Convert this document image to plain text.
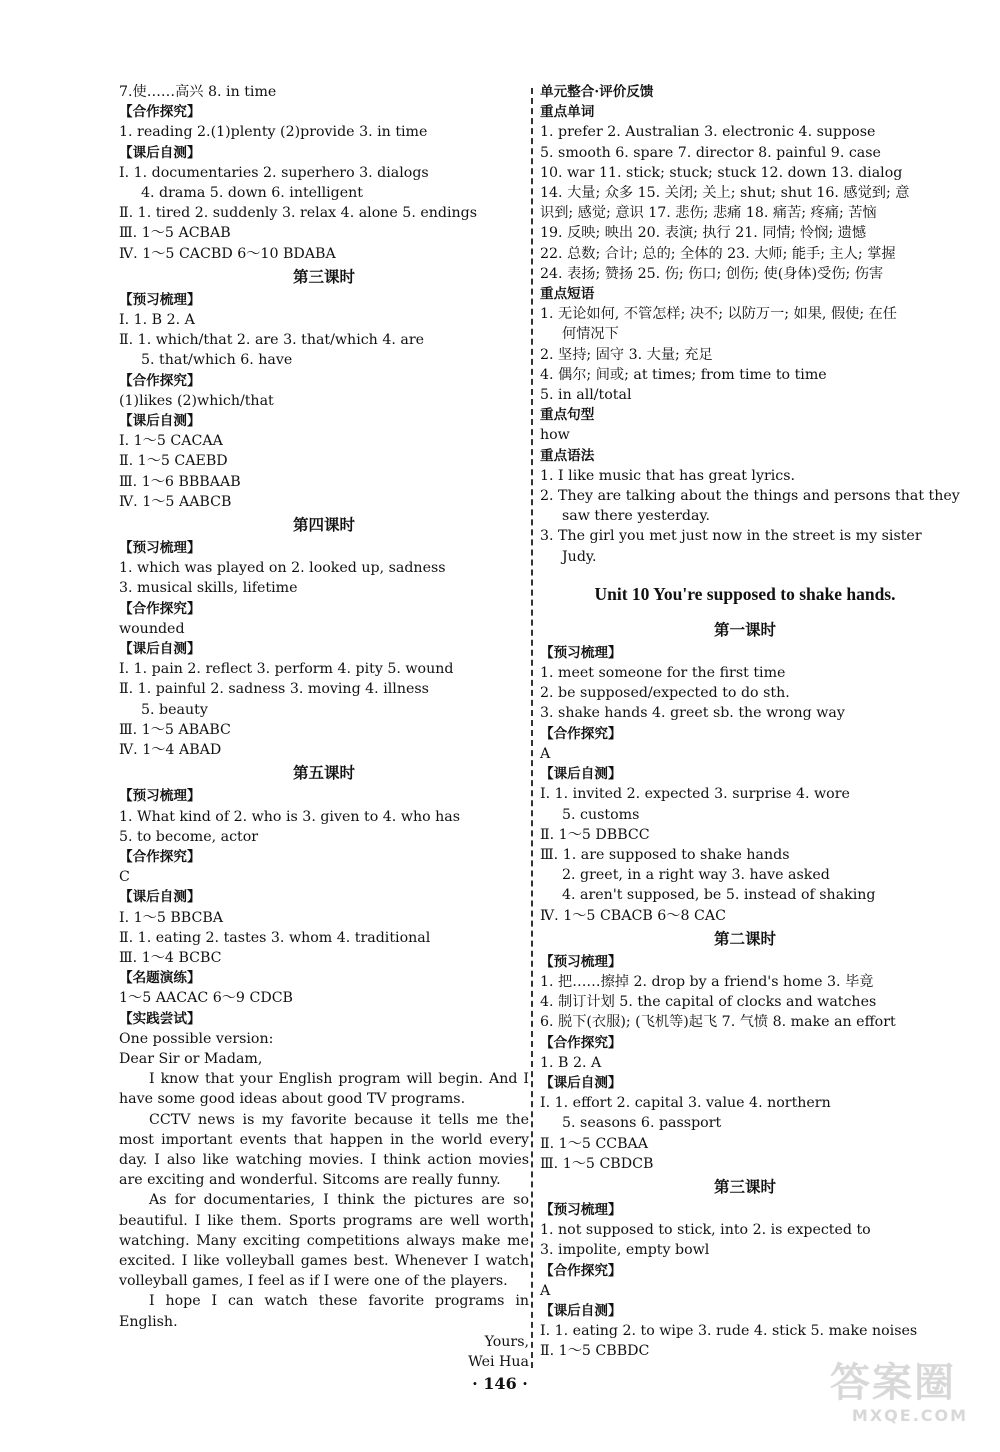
7.使……高兴 8. in time
【合作探究】
1. reading 2.(1)plenty (2)provide 3. in time
【课后自测】
Ⅰ. 1. documentaries 2. superhero 3. dialogs
4. drama 5. down 6. intelligent
Ⅱ. 1. tired 2. suddenly 3. relax 4. alone 5. endings
Ⅲ. 1～5 ACBAB
Ⅳ. 1～5 CACBD 6～10 BDABA
第三课时
【预习梳理】
Ⅰ. 1. B 2. A
Ⅱ. 1. which/that 2. are 3. that/which 4. are
5. that/which 6. have
【合作探究】
(1)likes (2)which/that
【课后自测】
Ⅰ. 1～5 CACAA
Ⅱ. 1～5 CAEBD
Ⅲ. 1～6 BBBAAB
Ⅳ. 1～5 AABCB
第四课时
【预习梳理】
1. which was played on 2. looked up, sadness
3. musical skills, lifetime
【合作探究】
wounded
【课后自测】
Ⅰ. 1. pain 2. reflect 3. perform 4. pity 5. wound
Ⅱ. 1. painful 2. sadness 3. moving 4. illness
5. beauty
Ⅲ. 1～5 ABABC
Ⅳ. 1～4 ABAD
第五课时
【预习梳理】
1. What kind of 2. who is 3. given to 4. who has
5. to become, actor
【合作探究】
C
【课后自测】
Ⅰ. 1～5 BBCBA
Ⅱ. 1. eating 2. tastes 3. whom 4. traditional
Ⅲ. 1～4 BCBC
【名题演练】
1～5 AACAC 6～9 CDCB
【实践尝试】
One possible version:
Dear Sir or Madam,
I know that your English program will begin. And I have some good ideas about good TV programs.
CCTV news is my favorite because it tells me the most important events that happen in the world every day. I also like watching movies. I think action movies are exciting and wonderful. Sitcoms are really funny.
As for documentaries, I think the pictures are so beautiful. I like them. Sports programs are well worth watching. Many exciting competitions always make me excited. I like volleyball games best. Whenever I watch volleyball games, I feel as if I were one of the players.
I hope I can watch these favorite programs in English.
Yours,
Wei Hua
单元整合·评价反馈
重点单词
1. prefer 2. Australian 3. electronic 4. suppose
5. smooth 6. spare 7. director 8. painful 9. case
10. war 11. stick; stuck; stuck 12. down 13. dialog
14. 大量; 众多 15. 关闭; 关上; shut; shut 16. 感觉到; 意
识到; 感觉; 意识 17. 悲伤; 悲痛 18. 痛苦; 疼痛; 苦恼
19. 反映; 映出 20. 表演; 执行 21. 同情; 怜悯; 遗憾
22. 总数; 合计; 总的; 全体的 23. 大师; 能手; 主人; 掌握
24. 表扬; 赞扬 25. 伤; 伤口; 创伤; 使(身体)受伤; 伤害
重点短语
1. 无论如何, 不管怎样; 决不; 以防万一; 如果, 假使; 在任
何情况下
2. 坚持; 固守 3. 大量; 充足
4. 偶尔; 间或; at times; from time to time
5. in all/total
重点句型
how
重点语法
1. I like music that has great lyrics.
2. They are talking about the things and persons that they
saw there yesterday.
3. The girl you met just now in the street is my sister
Judy.
Unit 10 You're supposed to shake hands.
第一课时
【预习梳理】
1. meet someone for the first time
2. be supposed/expected to do sth.
3. shake hands 4. greet sb. the wrong way
【合作探究】
A
【课后自测】
Ⅰ. 1. invited 2. expected 3. surprise 4. wore
5. customs
Ⅱ. 1～5 DBBCC
Ⅲ. 1. are supposed to shake hands
2. greet, in a right way 3. have asked
4. aren't supposed, be 5. instead of shaking
Ⅳ. 1～5 CBACB 6～8 CAC
第二课时
【预习梳理】
1. 把……擦掉 2. drop by a friend's home 3. 毕竟
4. 制订计划 5. the capital of clocks and watches
6. 脱下(衣服); (飞机等)起飞 7. 气愤 8. make an effort
【合作探究】
1. B 2. A
【课后自测】
Ⅰ. 1. effort 2. capital 3. value 4. northern
5. seasons 6. passport
Ⅱ. 1～5 CCBAA
Ⅲ. 1～5 CBDCB
第三课时
【预习梳理】
1. not supposed to stick, into 2. is expected to
3. impolite, empty bowl
【合作探究】
A
【课后自测】
Ⅰ. 1. eating 2. to wipe 3. rude 4. stick 5. make noises
Ⅱ. 1～5 CBBDC
· 146 ·	答案圈
MXQE.COM
